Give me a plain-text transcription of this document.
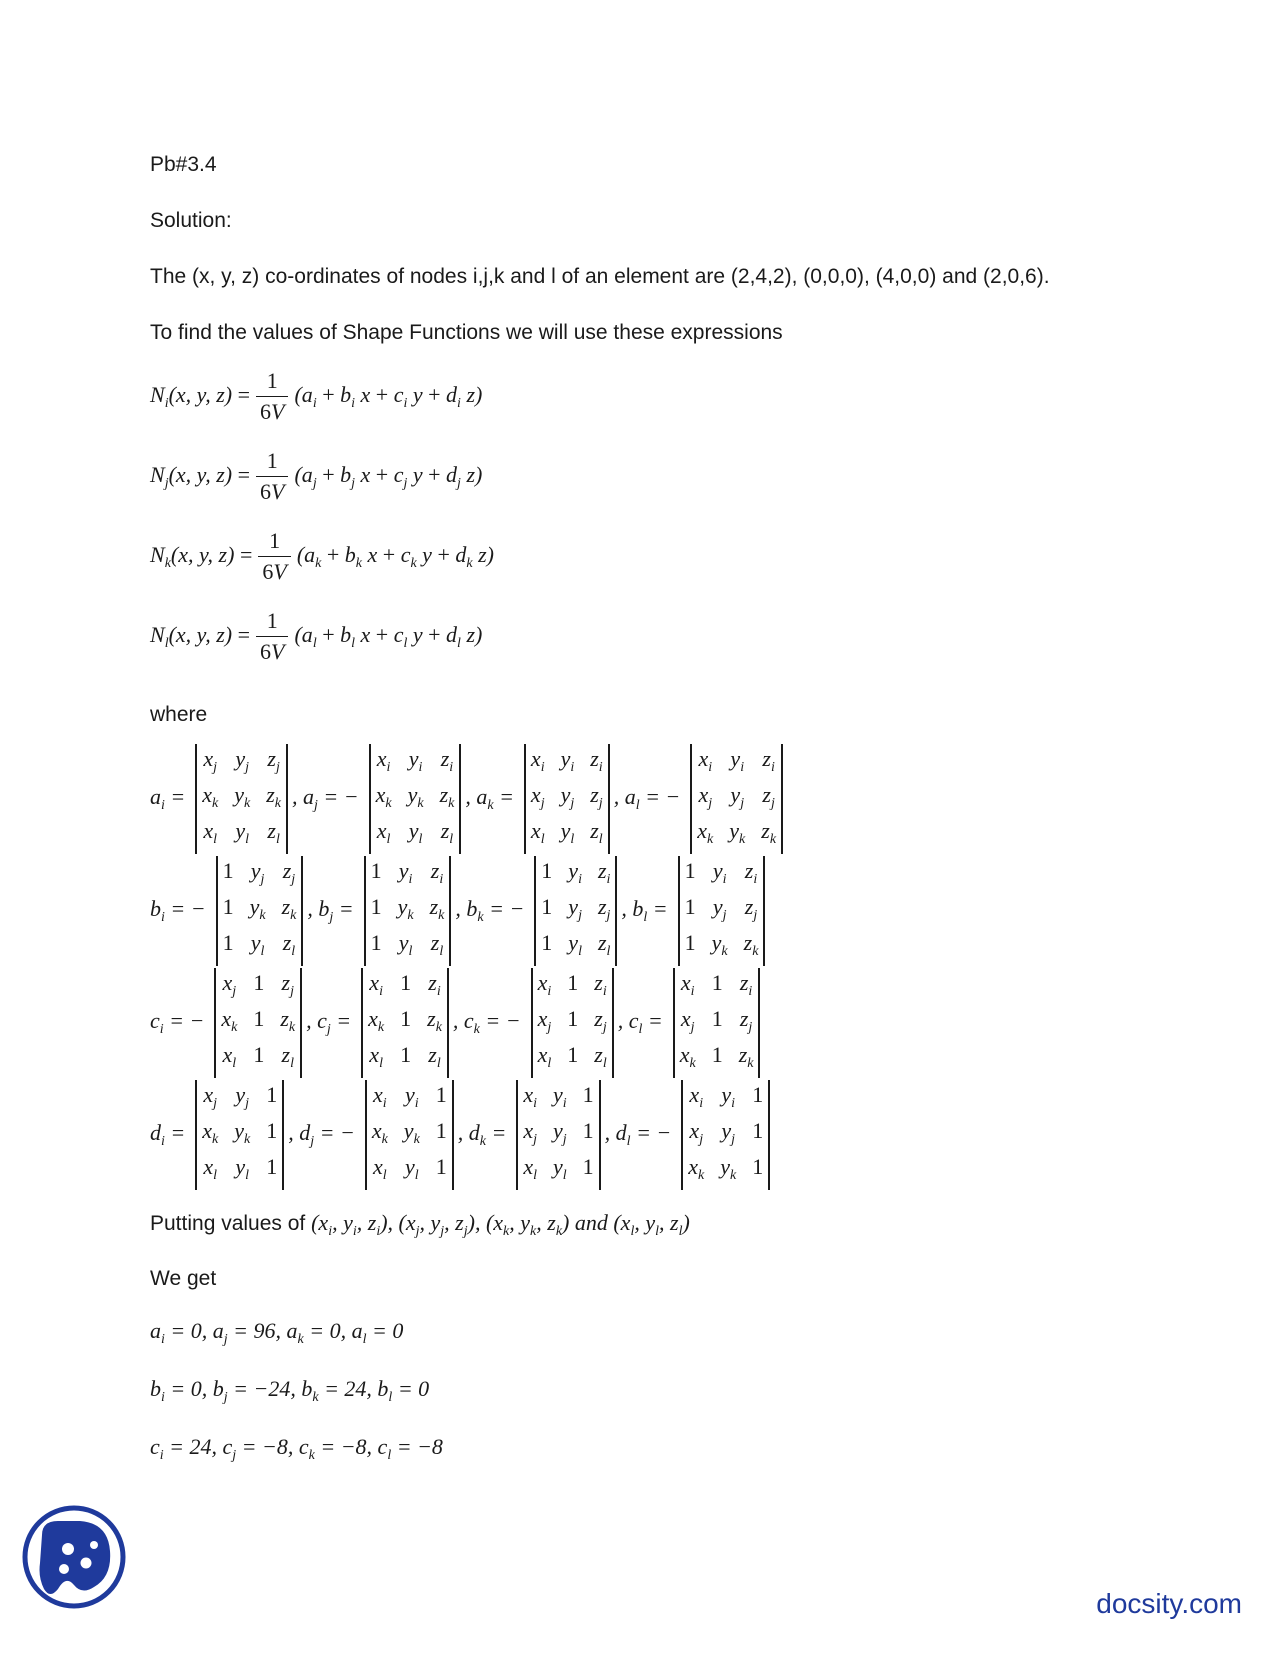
Pb#3.4
Solution:
The (x, y, z) co-ordinates of nodes i,j,k and l of an element are (2,4,2), (0,0,0), (4,0,0) and (2,0,6).
To find the values of Shape Functions we will use these expressions
$N_i(x$, y, $z) = \frac{1}{6V} (a_i + b_i$ $x + c_i$ $y + d_i$ z)
$N_j(x$, y, $z) = \frac{1}{6V} (a_j + b_j$ $x + c_j$ $y + d_j$ z)
$N_k(x$, y, $z) = \frac{1}{6V} (a_k + b_k$ $x + c_k$ $y + d_k$ z)
$N_l(x$, y, $z) = \frac{1}{6V} (a_l + b_l$ $x + c_l$ $y + d_l$ z)
where
$a_i$ =
$x_j$ $y_j$ $z_j$
$x_k$ $y_k$ $z_k$
$x_l$ $y_l$ $z_l$
, $a_j$ = −
$x_i$ $y_i$ $z_i$
$x_k$ $y_k$ $z_k$
$x_l$ $y_l$ $z_l$
, $a_k$ =
$x_i$ $y_i$ $z_i$
$x_j$ $y_j$ $z_j$
$x_l$ $y_l$ $z_l$
, $a_l$ = −
$x_i$ $y_i$ $z_i$
$x_j$ $y_j$ $z_j$
$x_k$ $y_k$ $z_k$
$b_i$ = −
1 $y_j$ $z_j$
1 $y_k$ $z_k$
1 $y_l$ $z_l$
, $b_j$ =
1 $y_i$ $z_i$
1 $y_k$ $z_k$
1 $y_l$ $z_l$
, $b_k$ = −
1 $y_i$ $z_i$
1 $y_j$ $z_j$
1 $y_l$ $z_l$
, $b_l$ =
1 $y_i$ $z_i$
1 $y_j$ $z_j$
1 $y_k$ $z_k$
$c_i$ = −
$x_j$ 1 $z_j$
$x_k$ 1 $z_k$
$x_l$ 1 $z_l$
, $c_j$ =
$x_i$ 1 $z_i$
$x_k$ 1 $z_k$
$x_l$ 1 $z_l$
, $c_k$ = −
$x_i$ 1 $z_i$
$x_j$ 1 $z_j$
$x_l$ 1 $z_l$
, $c_l$ =
$x_i$ 1 $z_i$
$x_j$ 1 $z_j$
$x_k$ 1 $z_k$
$d_i$ =
$x_j$ $y_j$ 1
$x_k$ $y_k$ 1
$x_l$ $y_l$ 1
, $d_j$ = −
$x_i$ $y_i$ 1
$x_k$ $y_k$ 1
$x_l$ $y_l$ 1
, $d_k$ =
$x_i$ $y_i$ 1
$x_j$ $y_j$ 1
$x_l$ $y_l$ 1
, $d_l$ = −
$x_i$ $y_i$ 1
$x_j$ $y_j$ 1
$x_k$ $y_k$ 1
Putting values of ($x_i$, $y_i$, $z_i$), ($x_j$, $y_j$, $z_j$), ($x_k$, $y_k$, $z_k$) and ($x_l$, $y_l$, $z_l$)
We get
$a_i = 0$, $a_j = 96$, $a_k = 0$, $a_l = 0$
$b_i = 0$, $b_j = -24$, $b_k = 24$, $b_l = 0$
$c_i = 24$, $c_j = -8$, $c_k = -8$, $c_l = -8$
docsity.com
